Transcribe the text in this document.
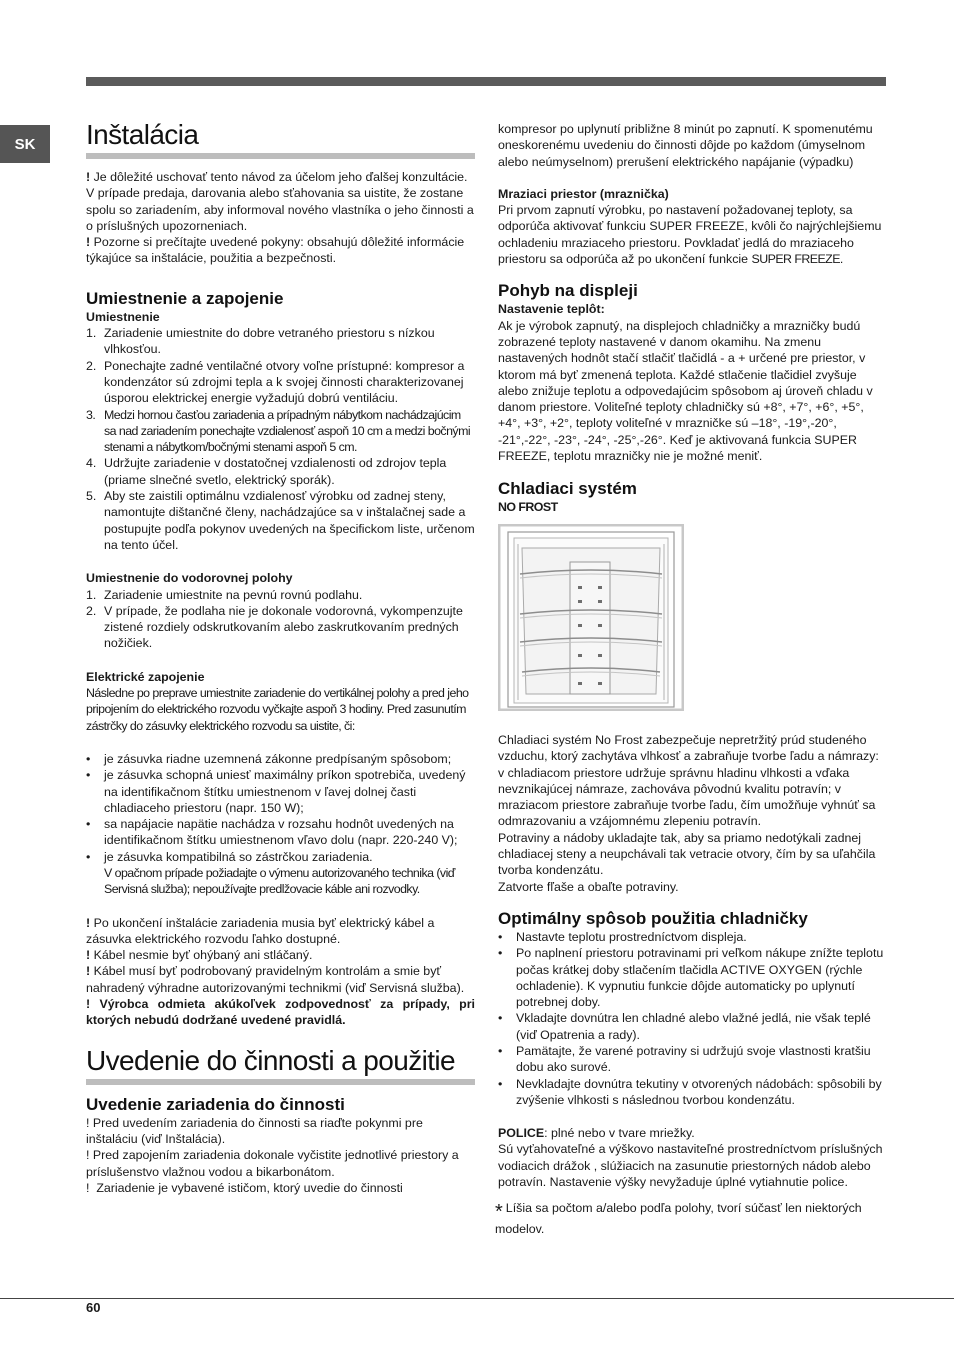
SK Inštalácia

! Je dôležité uschovať tento návod za účelom jeho ďalšej konzultácie. V prípade predaja, darovania alebo sťahovania sa uistite, že zostane spolu so zariadením, aby informoval nového vlastníka o jeho činnosti a o príslušných upozorneniach.

! Pozorne si prečítajte uvedené pokyny: obsahujú dôležité informácie týkajúce sa inštalácie, použitia a bezpečnosti.

Umiestnenie a zapojenie
Umiestnenie
1. Zariadenie umiestnite do dobre vetraného priestoru s nízkou vlhkosťou.
2. Ponechajte zadné ventilačné otvory voľne prístupné: kompresor a kondenzátor sú zdrojmi tepla a k svojej činnosti charakterizovanej úsporou elektrickej energie vyžadujú dobrú ventiláciu.
3. Medzi hornou časťou zariadenia a prípadným nábytkom nachádzajúcim sa nad zariadením ponechajte vzdialenosť aspoň 10 cm a medzi bočnými stenami a nábytkom/bočnými stenami aspoň 5 cm.
4. Udržujte zariadenie v dostatočnej vzdialenosti od zdrojov tepla (priame slnečné svetlo, elektrický sporák).
5. Aby ste zaistili optimálnu vzdialenosť výrobku od zadnej steny, namontujte dištančné členy, nachádzajúce sa v inštalačnej sade a postupujte podľa pokynov uvedených na špecifickom liste, určenom na tento účel.
Umiestnenie do vodorovnej polohy
1. Zariadenie umiestnite na pevnú rovnú podlahu.
2. V prípade, že podlaha nie je dokonale vodorovná, vykompenzujte zistené rozdiely odskrutkovaním alebo zaskrutkovaním predných nožičiek.
Elektrické zapojenie

Následne po preprave umiestnite zariadenie do vertikálnej polohy a pred jeho pripojením do elektrického rozvodu vyčkajte aspoň 3 hodiny. Pred zasunutím zástrčky do zásuvky elektrického rozvodu sa uistite, či:

• je zásuvka riadne uzemnená zákonne predpísaným spôsobom;
• je zásuvka schopná uniesť maximálny príkon spotrebiča, uvedený na identifikačnom štítku umiestnenom v ľavej dolnej časti chladiaceho priestoru (napr. 150 W);
• sa napájacie napätie nachádza v rozsahu hodnôt uvedených na identifikačnom štítku umiestnenom vľavo dolu (napr. 220-240 V);
• je zásuvka kompatibilná so zástrčkou zariadenia.

V opačnom prípade požiadajte o výmenu autorizovaného technika (viď Servisná služba); nepoužívajte predlžovacie káble ani rozvodky.

! Po ukončení inštalácie zariadenia musia byť elektrický kábel a zásuvka elektrického rozvodu ľahko dostupné.

! Kábel nesmie byť ohýbaný ani stláčaný.

! Kábel musí byť podrobovaný pravidelným kontrolám a smie byť nahradený výhradne autorizovanými technikmi (viď Servisná služba).

! Výrobca odmieta akúkoľvek zodpovednosť za prípady, pri ktorých nebudú dodržané uvedené pravidlá.

Uvedenie do činnosti a použitie
Uvedenie zariadenia do činnosti

! Pred uvedením zariadenia do činnosti sa riaďte pokynmi pre inštaláciu (viď Inštalácia).

! Pred zapojením zariadenia dokonale vyčistite jednotlivé priestory a príslušenstvo vlažnou vodou a bikarbonátom.

!  Zariadenie je vybavené ističom, ktorý uvedie do činnosti

kompresor po uplynutí približne 8 minút po zapnutí. K spomenutému oneskorenému uvedeniu do činnosti dôjde po každom (úmyselnom alebo neúmyselnom) prerušení elektrického napájanie (výpadku)

Mraziaci priestor (mraznička)

Pri prvom zapnutí výrobku, po nastavení požadovanej teploty, sa odporúča aktivovať funkciu SUPER FREEZE, kvôli čo najrýchlejšiemu ochladeniu mraziaceho priestoru. Povkladať jedlá do mraziaceho priestoru sa odporúča až po ukončení funkcie SUPER FREEZE.

Pohyb na displeji
Nastavenie teplôt:

Ak je výrobok zapnutý, na displejoch chladničky a mrazničky budú zobrazené teploty nastavené v danom okamihu. Na zmenu nastavených hodnôt stačí stlačiť tlačidlá - a + určené pre priestor, v ktorom má byť zmenená teplota. Každé stlačenie tlačidiel zvyšuje alebo znižuje teplotu a odpovedajúcim spôsobom aj úroveň chladu v danom priestore. Voliteľné teploty chladničky sú +8°, +7°, +6°, +5°, +4°, +3°, +2°, teploty voliteľné v mrazničke sú –18°, -19°,-20°, -21°,-22°, -23°, -24°, -25°,-26°. Keď je aktivovaná funkcia SUPER FREEZE, teplotu mrazničky nie je možné meniť.

Chladiaci systém
NO FROST

Chladiaci systém No Frost zabezpečuje nepretržitý prúd studeného vzduchu, ktorý zachytáva vlhkosť a zabraňuje tvorbe ľadu a námrazy: v chladiacom priestore udržuje správnu hladinu vlhkosti a vďaka nevznikajúcej námraze, zachováva pôvodnú kvalitu potravín; v mraziacom priestore zabraňuje tvorbe ľadu, čím umožňuje vyhnúť sa odmrazovaniu a vzájomnému zlepeniu potravín.

Potraviny a nádoby ukladajte tak, aby sa priamo nedotýkali zadnej chladiacej steny a neupchávali tak vetracie otvory, čím by sa uľahčila tvorba kondenzátu.

Zatvorte fľaše a obaľte potraviny.

Optimálny spôsob použitia chladničky
• Nastavte teplotu prostredníctvom displeja.
• Po naplnení priestoru potravinami pri veľkom nákupe znížte teplotu počas krátkej doby stlačením tlačidla ACTIVE OXYGEN (rýchle ochladenie). K vypnutiu funkcie dôjde automaticky po uplynutí potrebnej doby.
• Vkladajte dovnútra len chladné alebo vlažné jedlá, nie však teplé (viď Opatrenia a rady).
• Pamätajte, že varené potraviny si udržujú svoje vlastnosti kratšiu dobu ako surové.
• Nevkladajte dovnútra tekutiny v otvorených nádobách: spôsobili by zvýšenie vlhkosti s následnou tvorbou kondenzátu.

POLICE: plné nebo v tvare mriežky.

Sú vyťahovateľné a výškovo nastaviteľné prostredníctvom príslušných vodiacich drážok , slúžiacich na zasunutie priestorných nádob alebo potravín. Nastavenie výšky nevyžaduje úplné vytiahnutie police.

* Líšia sa počtom a/alebo podľa polohy, tvorí súčasť len niektorých modelov.

60
